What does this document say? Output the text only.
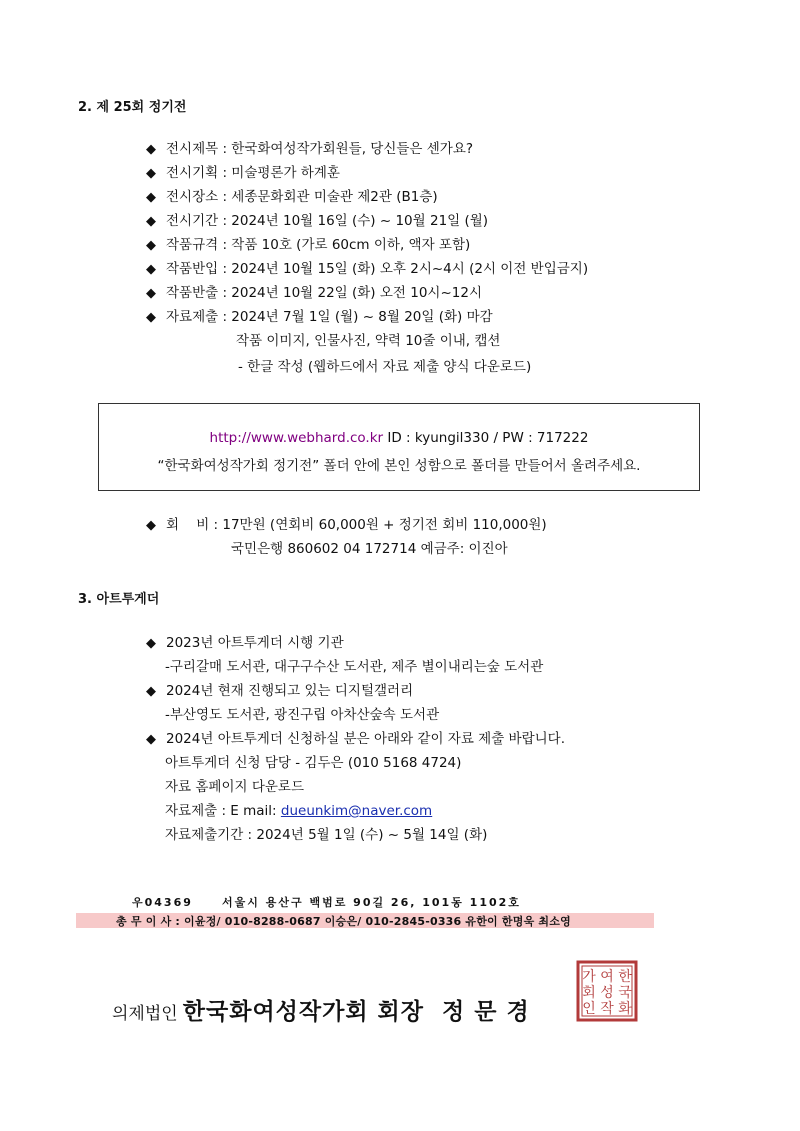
2. 제 25회 정기전
◆ 전시제목 : 한국화여성작가회원들, 당신들은 센가요?
◆ 전시기획 : 미술평론가 하계훈
◆ 전시장소 : 세종문화회관 미술관 제2관 (B1층)
◆ 전시기간 : 2024년 10월 16일 (수) ~ 10월 21일 (월)
◆ 작품규격 : 작품 10호 (가로 60cm 이하, 액자 포함)
◆ 작품반입 : 2024년 10월 15일 (화) 오후 2시~4시 (2시 이전 반입금지)
◆ 작품반출 : 2024년 10월 22일 (화) 오전 10시~12시
◆ 자료제출 : 2024년 7월 1일 (월) ~ 8월 20일 (화) 마감
작품 이미지, 인물사진, 약력 10줄 이내, 캡션
- 한글 작성 (웹하드에서 자료 제출 양식 다운로드)
http://www.webhard.co.kr ID : kyungil330 / PW : 717222
“한국화여성작가회 정기전” 폴더 안에 본인 성함으로 폴더를 만들어서 올려주세요.
◆ 회    비 : 17만원 (연회비 60,000원 + 정기전 회비 110,000원)
국민은행 860602 04 172714 예금주: 이진아
3. 아트투게더
◆ 2023년 아트투게더 시행 기관
-구리갈매 도서관, 대구구수산 도서관, 제주 별이내리는숲 도서관
◆ 2024년 현재 진행되고 있는 디지털갤러리
-부산영도 도서관, 광진구립 아차산숲속 도서관
◆ 2024년 아트투게더 신청하실 분은 아래와 같이 자료 제출 바랍니다.
아트투게더 신청 담당 - 김두은 (010 5168 4724)
자료 홈페이지 다운로드
자료제출 : E mail: dueunkim@naver.com
자료제출기간 : 2024년 5월 1일 (수) ~ 5월 14일 (화)
우04369     서울시 용산구 백범로 90길 26, 101동 1102호
총 무 이 사 : 이윤정/ 010-8288-0687 이승은/ 010-2845-0336 유한이 한명욱 최소영
의제법인 한국화여성작가회 회장  정 문 경
한
국
화
여
성
작
가
회
인
